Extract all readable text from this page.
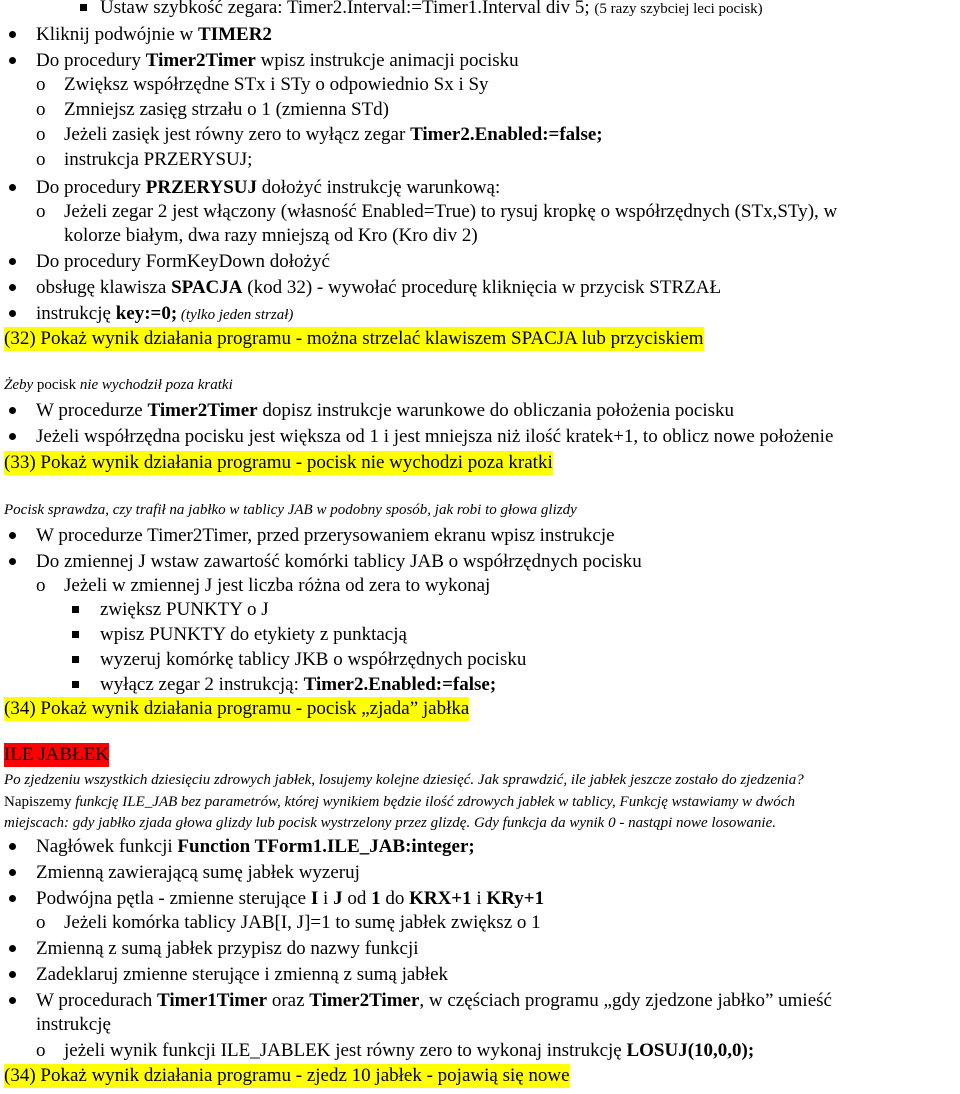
Ustaw szybkość zegara: Timer2.Interval:=Timer1.Interval div 5; (5 razy szybciej leci pocisk)
Kliknij podwójnie w TIMER2
Do procedury Timer2Timer wpisz instrukcje animacji pocisku
o Zwiększ współrzędne STx i STy o odpowiednio Sx i Sy
o Zmniejsz zasięg strzału o 1 (zmienna STd)
o Jeżeli zasięk jest równy zero to wyłącz zegar Timer2.Enabled:=false;
o instrukcja PRZERYSUJ;
Do procedury PRZERYSUJ dołożyć instrukcję warunkową:
o Jeżeli zegar 2 jest włączony (własność Enabled=True) to rysuj kropkę o współrzędnych (STx,STy), w
kolorze białym, dwa razy mniejszą od Kro (Kro div 2)
Do procedury FormKeyDown dołożyć
obsługę klawisza SPACJA (kod 32) - wywołać procedurę kliknięcia w przycisk STRZAŁ
instrukcję key:=0; (tylko jeden strzał)
(32) Pokaż wynik działania programu - można strzelać klawiszem SPACJA lub przyciskiem
Żeby pocisk nie wychodził poza kratki
W procedurze Timer2Timer dopisz instrukcje warunkowe do obliczania położenia pocisku
Jeżeli współrzędna pocisku jest większa od 1 i jest mniejsza niż ilość kratek+1, to oblicz nowe położenie
(33) Pokaż wynik działania programu - pocisk nie wychodzi poza kratki
Pocisk sprawdza, czy trafił na jabłko w tablicy JAB w podobny sposób, jak robi to głowa glizdy
W procedurze Timer2Timer, przed przerysowaniem ekranu wpisz instrukcje
Do zmiennej J wstaw zawartość komórki tablicy JAB o współrzędnych pocisku
o Jeżeli w zmiennej J jest liczba różna od zera to wykonaj
zwiększ PUNKTY o J
wpisz PUNKTY do etykiety z punktacją
wyzeruj komórkę tablicy JKB o współrzędnych pocisku
wyłącz zegar 2 instrukcją: Timer2.Enabled:=false;
(34) Pokaż wynik działania programu - pocisk „zjada” jabłka
ILE JABŁEK
Po zjedzeniu wszystkich dziesięciu zdrowych jabłek, losujemy kolejne dziesięć. Jak sprawdzić, ile jabłek jeszcze zostało do zjedzenia?
Napiszemy funkcję ILE_JAB bez parametrów, której wynikiem będzie ilość zdrowych jabłek w tablicy, Funkcję wstawiamy w dwóch
miejscach: gdy jabłko zjada głowa glizdy lub pocisk wystrzelony przez glizdę. Gdy funkcja da wynik 0 - nastąpi nowe losowanie.
Nagłówek funkcji Function TForm1.ILE_JAB:integer;
Zmienną zawierającą sumę jabłek wyzeruj
Podwójna pętla - zmienne sterujące I i J od 1 do KRX+1 i KRy+1
o Jeżeli komórka tablicy JAB[I, J]=1 to sumę jabłek zwiększ o 1
Zmienną z sumą jabłek przypisz do nazwy funkcji
Zadeklaruj zmienne sterujące i zmienną z sumą jabłek
W procedurach Timer1Timer oraz Timer2Timer, w częściach programu „gdy zjedzone jabłko” umieść
instrukcję
o jeżeli wynik funkcji ILE_JABLEK jest równy zero to wykonaj instrukcję LOSUJ(10,0,0);
(34) Pokaż wynik działania programu - zjedz 10 jabłek - pojawią się nowe
